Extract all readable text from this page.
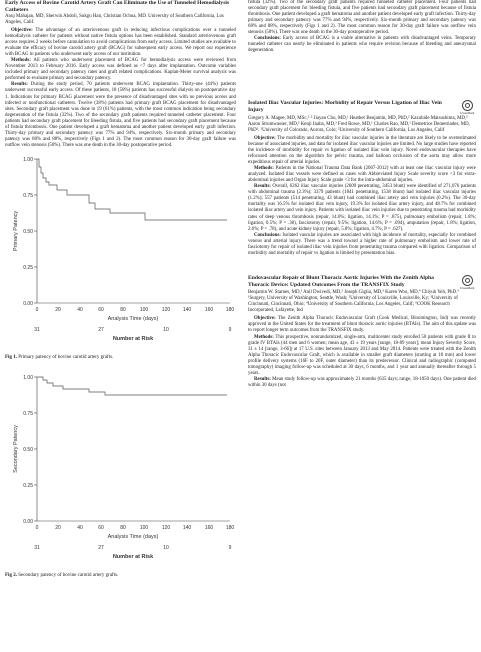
Early Access of Bovine Carotid Artery Graft Can Eliminate the Use of Tunneled Hemodialysis Catheters
Anuj Mahajan, MD, Sherwin Abdoli, Sukgu Han, Christian Ochoa, MD. University of Southern California, Los Angeles, Calif.

Objective: The advantage of an arteriovenous graft in reducing infectious complications over a tunneled hemodialysis catheter for patients without native fistula options has been established. Standard arteriovenous graft access requires 2 weeks before cannulation to avoid complications from early access. Limited studies are available to evaluate the efficacy of bovine carotid artery graft (BCAG) for subsequent early access. We report our experience with BCAG in patients who underwent early access of our institution.

Methods: All patients who underwent placement of BCAG for hemodialysis access were reviewed from November 2013 to February 2016. Early access was defined as <7 days after implantation. Outcome variables included primary and secondary patency rates and graft related complications. Kaplan-Meier survival analysis was performed to evaluate primary and secondary patency.

Results: During the study period, 70 patients underwent BCAG implantation. Thirty-one (44%) patients underwent successful early access. Of these patients, 18 (58%) patients has successful dialysis on postoperative day 1. Indications for primary BCAG placement were the presence of disadvantaged sites with no previous access and infected or nonfunctional catheters. Twelve (38%) patients had primary graft BCAG placement for disadvantaged sites. Secondary graft placement was done in 19 (61%) patients, with the most common indication being secondary degeneration of the fistula (32%). Two of the secondary graft patients required tunneled catheter placement. Four patients had secondary graft placement for bleeding fistula, and five patients had secondary graft placement because of fistula thrombosis. One patient developed a graft hematoma and another patient developed early graft infection. Thirty-day primary and secondary patency was 77% and 94%, respectively. Six-month primary and secondary patency was 68% and 88%, respectively (Figs 1 and 2). The most common reason for 30-day graft failure was outflow vein stenosis (50%). There was one death in the 30-day postoperative period.

1.00
0.75
0.50
0.25
0.00
Primary Patency
0	20	40	60	80	100	120	140	160	180
Analysis Time (days)
31	27	10	9
Number at Risk
Fig 1. Primary patency of bovine carotid artery grafts.
1.00
0.75
0.50
0.25
0.00
Secondary Patency
0	20	40	60	80	100	120	140	160	180
Analysis Time (days)
31	27	10	9
Number at Risk
Fig 2. Secondary patency of bovine carotid artery grafts.

fistula (32%). Two of the secondary graft patients required tunneled catheter placement. Four patients had secondary graft placement for bleeding fistula, and five patients had secondary graft placement because of fistula thrombosis. One patient developed a graft hematoma and another patient developed early graft infection. Thirty-day primary and secondary patency was 77% and 94%, respectively. Six-month primary and secondary patency was 68% and 88%, respectively (Figs 1 and 2). The most common reason for 30-day graft failure was outflow vein stenosis (50%). There was one death in the 30-day postoperative period.

Conclusions: Early access of BCAG is a viable alternative in patients with disadvantaged veins. Temporary tunneled catheter can nearly be eliminated in patients who require revision because of bleeding and aneurysmal degeneration.

Isolated Iliac Vascular Injuries: Morbidity of Repair Versus Ligation of Iliac Vein Injury	CrossMark
Gregory A. Magee, MD, MSc,¹·² Jiayan Cho, MD,¹ Heather Benjamin, MD, PhD,² Kazuhide Matsushima, MD,² Aaron Strumwasser, MD,² Kenji Inaba, MD,² Fred Rowe, MD,¹ Charles Rao, MD,¹ Demetrios Demetriades, MD, PhD². ¹University of Colorado, Aurora, Colo; ²University of Southern California, Los Angeles, Calif

Objective: The morbidity and mortality for iliac vascular injuries in the literature are likely to be overestimated because of associated injuries, and data for isolated iliac vascular injuries are limited. No large studies have reported the incidence of morbidity for repair vs ligation of isolated iliac vein injury. Novel endovascular therapies have refocused attention on the algorithm for pelvic trauma, and balloon occlusion of the aorta may allow more expeditious repair of arterial injuries.

Methods: Patients in the National Trauma Data Bank (2007-2012) with at least one iliac vascular injury were analyzed. Isolated iliac vessels were defined as cases with Abbreviated Injury Scale severity score <3 for extra-abdominal injuries and Organ Injury Scale grade <3 for the intra-abdominal injuries.

Results: Overall, 6262 iliac vascular injuries (2609 penetrating, 3453 blunt) were identified of 271,076 patients with abdominal trauma (2.3%); 3379 patients (1841 penetrating, 1538 blunt) had isolated iliac vascular injuries (1.2%); 557 patients (514 penetrating, 43 blunt) had combined iliac artery and vein injuries (0.2%). The 30-day mortality was 16.5% for isolated iliac vein injury, 19.3% for isolated iliac artery injury, and 48.7% for combined isolated iliac artery and vein injury. Patients with isolated iliac vein injuries due to penetrating trauma had morbidity rates of deep venous thrombosis (repair, 14.6%; ligation, 14.1%; P = .875), pulmonary embolism (repair, 1.8%; ligation, 0.5%; P = .38), fasciotomy (repair, 9.5%; ligation, 14.6%; P = .094), amputation (repair, 1.8%; ligation, 2.6%; P = .78), and acute kidney injury (repair, 5.8%; ligation, 4.7%; P = .627).

Conclusions: Isolated vascular injuries are associated with high incidence of mortality, especially for combined venous and arterial injury. There was a trend toward a higher rate of pulmonary embolism and lower rate of fasciotomy for repair of isolated iliac vein injuries from penetrating trauma compared with ligation. Comparison of morbidity and mortality of repair vs ligation is limited by presentation bias.

Endovascular Repair of Blunt Thoracic Aortic Injuries With the Zenith Alpha Thoracic Device: Updated Outcomes From the TRANSFIX Study	CrossMark
Benjamin W. Starnes, MD,¹ Anil Dwivedi, MD,² Joseph Giglia, MD,³ Karen Woo, MD,⁴ Chiyuh Yeh, PhD.⁵ ¹Surgery, University of Washington, Seattle, Wash; ²University of Louisville, Louisville, Ky; ³University of Cincinnati, Cincinnati, Ohio; ⁴University of Southern California, Los Angeles, Calif; ⁵COOK Research Incorporated, Lafayette, Ind

Objective: The Zenith Alpha Thoracic Endovascular Graft (Cook Medical, Bloomington, Ind) was recently approved in the United States for the treatment of blunt thoracic aortic injuries (BTAIs). The aim of this update was to report longer term outcomes from the TRANSFIX study.

Methods: This prospective, nonrandomized, single-arm, multicenter study enrolled 50 patients with grade II to grade IV BTAIs (44 men and 6 women; mean age, 43 ± 19 years [range, 18-89 years]; mean Injury Severity Score, 31 ± 14 [range, 3-66]) at 17 U.S. sites between January 2013 and May 2014. Patients were treated with the Zenith Alpha Thoracic Endovascular Graft, which is available in smaller graft diameters (starting at 18 mm) and lower profile delivery systems (16F to 20F, outer diameter) than its predecessor. Clinical and radiographic (computed tomography) imaging follow-up was scheduled at 30 days, 6 months, and 1 year and annually thereafter through 5 years.

Results: Mean study follow-up was approximately 21 months (635 days; range, 18-1050 days). One patient died within 30 days (not
